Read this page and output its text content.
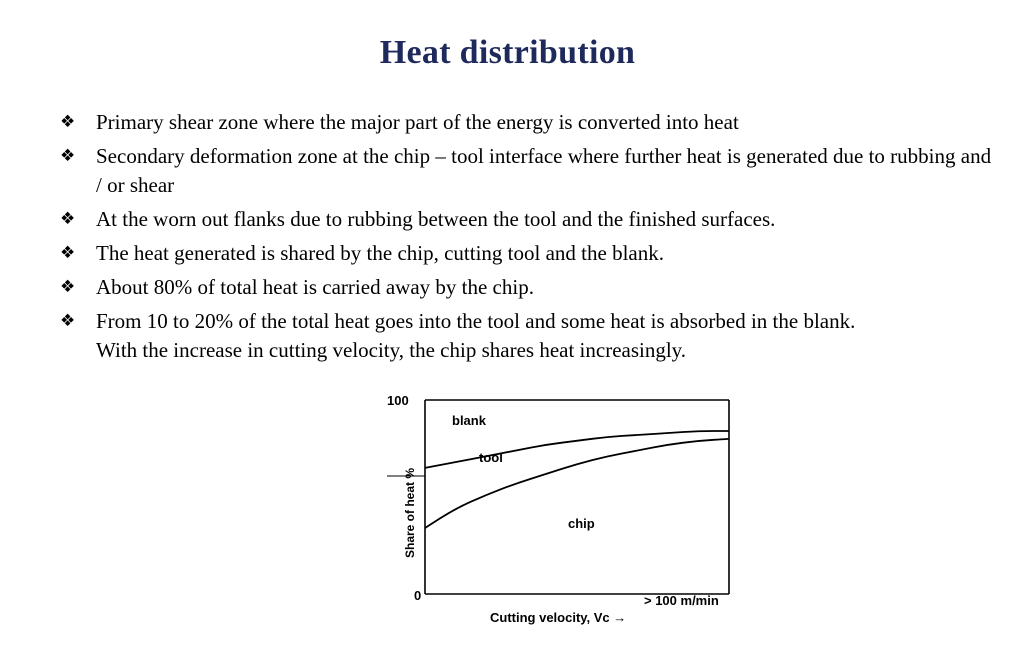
Heat distribution
❖ Primary shear zone where the major part of the energy is converted into heat
❖ Secondary deformation zone at the chip – tool interface where further heat is generated due to rubbing and / or shear
❖ At the worn out flanks due to rubbing between the tool and the finished surfaces.
❖ The heat generated is shared by the chip, cutting tool and the blank.
❖ About 80% of total heat is carried away by the chip.
❖ From 10 to 20% of the total heat goes into the tool and some heat is absorbed in the blank.
With the increase in cutting velocity, the chip shares heat increasingly.
100
0	> 100 m/min
Cutting velocity, Vᴄ →
Share of heat %
blank
tool
chip
